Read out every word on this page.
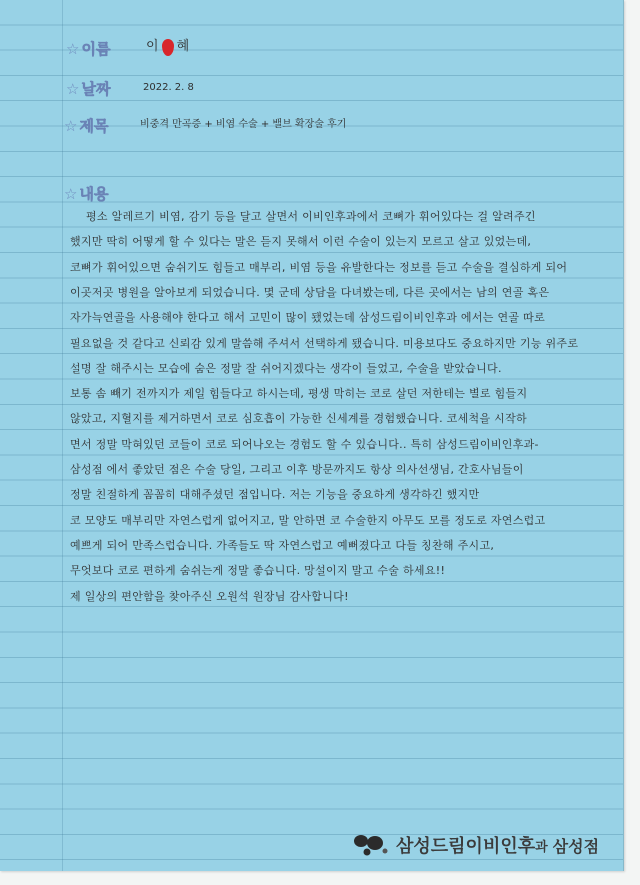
☆
이름	이 혜
☆
날짜	2022. 2. 8
☆
제목	비중격 만곡증 + 비염 수술 + 밸브 확장술 후기
☆
내용
평소 알레르기 비염, 감기 등을 달고 살면서 이비인후과에서 코뼈가 휘어있다는 걸 알려주긴
했지만 딱히 어떻게 할 수 있다는 말은 듣지 못해서 이런 수술이 있는지 모르고 살고 있었는데,
코뼈가 휘어있으면 숨쉬기도 힘들고 매부리, 비염 등을 유발한다는 정보를 듣고 수술을 결심하게 되어
이곳저곳 병원을 알아보게 되었습니다. 몇 군데 상담을 다녀봤는데, 다른 곳에서는 남의 연골 혹은
자가늑연골을 사용해야 한다고 해서 고민이 많이 됐었는데 삼성드림이비인후과 에서는 연골 따로
필요없을 것 같다고 신뢰감 있게 말씀해 주셔서 선택하게 됐습니다. 미용보다도 중요하지만 기능 위주로
설명 잘 해주시는 모습에 숨은 정말 잘 쉬어지겠다는 생각이 들었고, 수술을 받았습니다.
보통 솜 빼기 전까지가 제일 힘들다고 하시는데, 평생 막히는 코로 살던 저한테는 별로 힘들지
않았고, 지혈지를 제거하면서 코로 심호흡이 가능한 신세계를 경험했습니다. 코세척을 시작하
면서 정말 막혀있던 코들이 코로 되어나오는 경험도 할 수 있습니다.. 특히 삼성드림이비인후과-
삼성점 에서 좋았던 점은 수술 당일, 그리고 이후 방문까지도 항상 의사선생님, 간호사님들이
정말 친절하게 꼼꼼히 대해주셨던 점입니다. 저는 기능을 중요하게 생각하긴 했지만
코 모양도 매부리만 자연스럽게 없어지고, 말 안하면 코 수술한지 아무도 모를 정도로 자연스럽고
예쁘게 되어 만족스럽습니다. 가족들도 딱 자연스럽고 예뻐졌다고 다들 칭찬해 주시고,
무엇보다 코로 편하게 숨쉬는게 정말 좋습니다. 망설이지 말고 수술 하세요!!
제 일상의 편안함을 찾아주신 오원석 원장님 감사합니다!
삼성드림이비인후 과 삼성점
